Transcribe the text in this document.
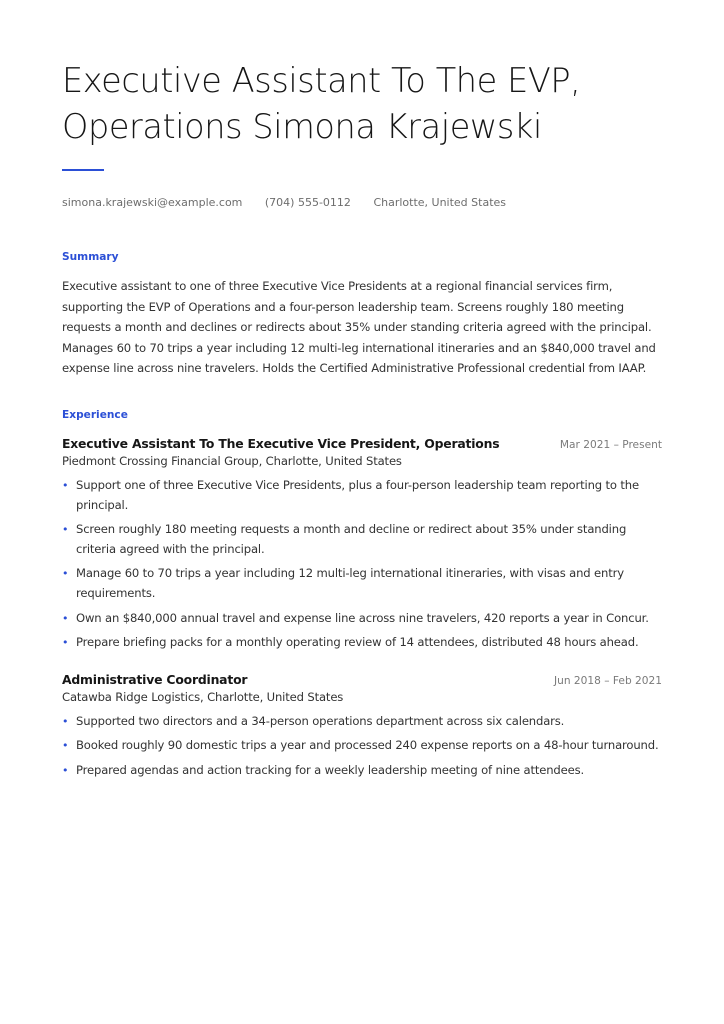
Executive Assistant To The EVP, Operations Simona Krajewski
simona.krajewski@example.com (704) 555-0112 Charlotte, United States
Summary

Executive assistant to one of three Executive Vice Presidents at a regional financial services firm, supporting the EVP of Operations and a four-person leadership team. Screens roughly 180 meeting requests a month and declines or redirects about 35% under standing criteria agreed with the principal. Manages 60 to 70 trips a year including 12 multi-leg international itineraries and an $840,000 travel and expense line across nine travelers. Holds the Certified Administrative Professional credential from IAAP.

Experience
Executive Assistant To The Executive Vice President, Operations	Mar 2021 – Present
Piedmont Crossing Financial Group, Charlotte, United States
• Support one of three Executive Vice Presidents, plus a four-person leadership team reporting to the principal.
• Screen roughly 180 meeting requests a month and decline or redirect about 35% under standing criteria agreed with the principal.
• Manage 60 to 70 trips a year including 12 multi-leg international itineraries, with visas and entry requirements.
• Own an $840,000 annual travel and expense line across nine travelers, 420 reports a year in Concur.
• Prepare briefing packs for a monthly operating review of 14 attendees, distributed 48 hours ahead.
Administrative Coordinator	Jun 2018 – Feb 2021
Catawba Ridge Logistics, Charlotte, United States
• Supported two directors and a 34-person operations department across six calendars.
• Booked roughly 90 domestic trips a year and processed 240 expense reports on a 48-hour turnaround.
• Prepared agendas and action tracking for a weekly leadership meeting of nine attendees.
